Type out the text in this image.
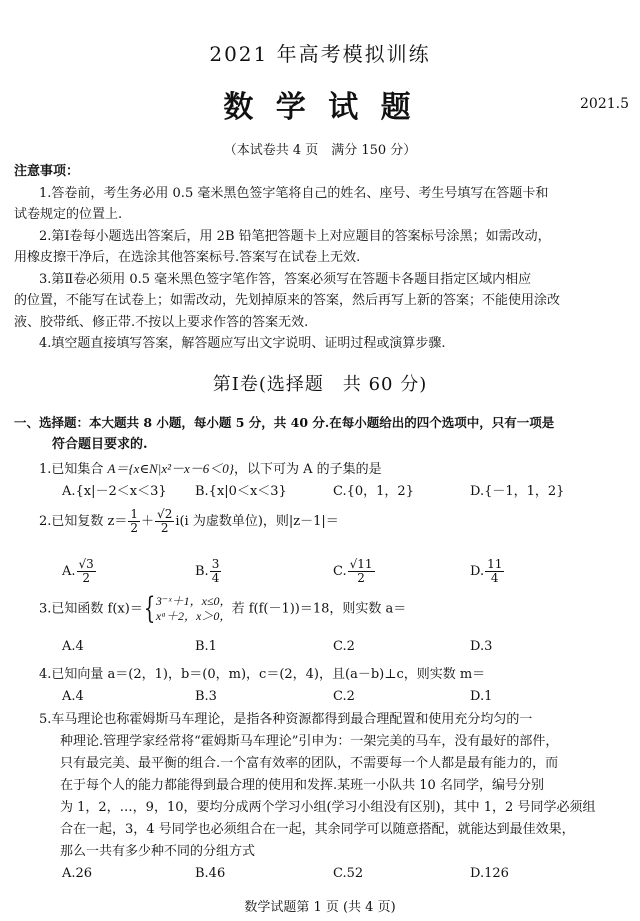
2021 年高考模拟训练
数 学 试 题	2021.5
（本试卷共 4 页　满分 150 分）
注意事项：
1.答卷前，考生务必用 0.5 毫米黑色签字笔将自己的姓名、座号、考生号填写在答题卡和
试卷规定的位置上.
2.第Ⅰ卷每小题选出答案后，用 2B 铅笔把答题卡上对应题目的答案标号涂黑；如需改动，
用橡皮擦干净后，在选涂其他答案标号.答案写在试卷上无效.
3.第Ⅱ卷必须用 0.5 毫米黑色签字笔作答，答案必须写在答题卡各题目指定区域内相应
的位置，不能写在试卷上；如需改动，先划掉原来的答案，然后再写上新的答案；不能使用涂改
液、胶带纸、修正带.不按以上要求作答的答案无效.
4.填空题直接填写答案，解答题应写出文字说明、证明过程或演算步骤.
第Ⅰ卷(选择题　共 60 分)
一、选择题：本大题共 8 小题，每小题 5 分，共 40 分.在每小题给出的四个选项中，只有一项是
符合题目要求的.
1.已知集合 A＝{x∈N|x²－x－6＜0}，以下可为 A 的子集的是
A.{x|－2＜x＜3} B.{x|0＜x＜3}	C.{0，1，2}	D.{－1，1，2}
2.已知复数 $z= \frac{1}{2} + \frac{√2}{2} i(i$ 为虚数单位)，则|z－1|＝
A. $\frac{√3}{2}$	B. $\frac{3}{4}$	C. $\frac{√11}{2}$	D. $\frac{11}{4}$
3.已知函数 f(x)＝{ 3⁻ˣ＋1，x≤0，
xᵃ＋2，x＞0， 若 f(f(－1))＝18，则实数 a＝
A.4	B.1	C.2	D.3
4.已知向量 a＝(2，1)，b＝(0，m)，c＝(2，4)，且(a－b)⊥c，则实数 m＝
A.4	B.3	C.2	D.1
5.车马理论也称霍姆斯马车理论，是指各种资源都得到最合理配置和使用充分均匀的一
种理论.管理学家经常将“霍姆斯马车理论”引申为：一架完美的马车，没有最好的部件，
只有最完美、最平衡的组合.一个富有效率的团队，不需要每一个人都是最有能力的，而
在于每个人的能力都能得到最合理的使用和发挥.某班一小队共 10 名同学，编号分别
为 1，2，…，9，10，要均分成两个学习小组(学习小组没有区别)，其中 1，2 号同学必须组
合在一起，3，4 号同学也必须组合在一起，其余同学可以随意搭配，就能达到最佳效果，
那么一共有多少种不同的分组方式
A.26	B.46	C.52	D.126
数学试题第 1 页 (共 4 页)
